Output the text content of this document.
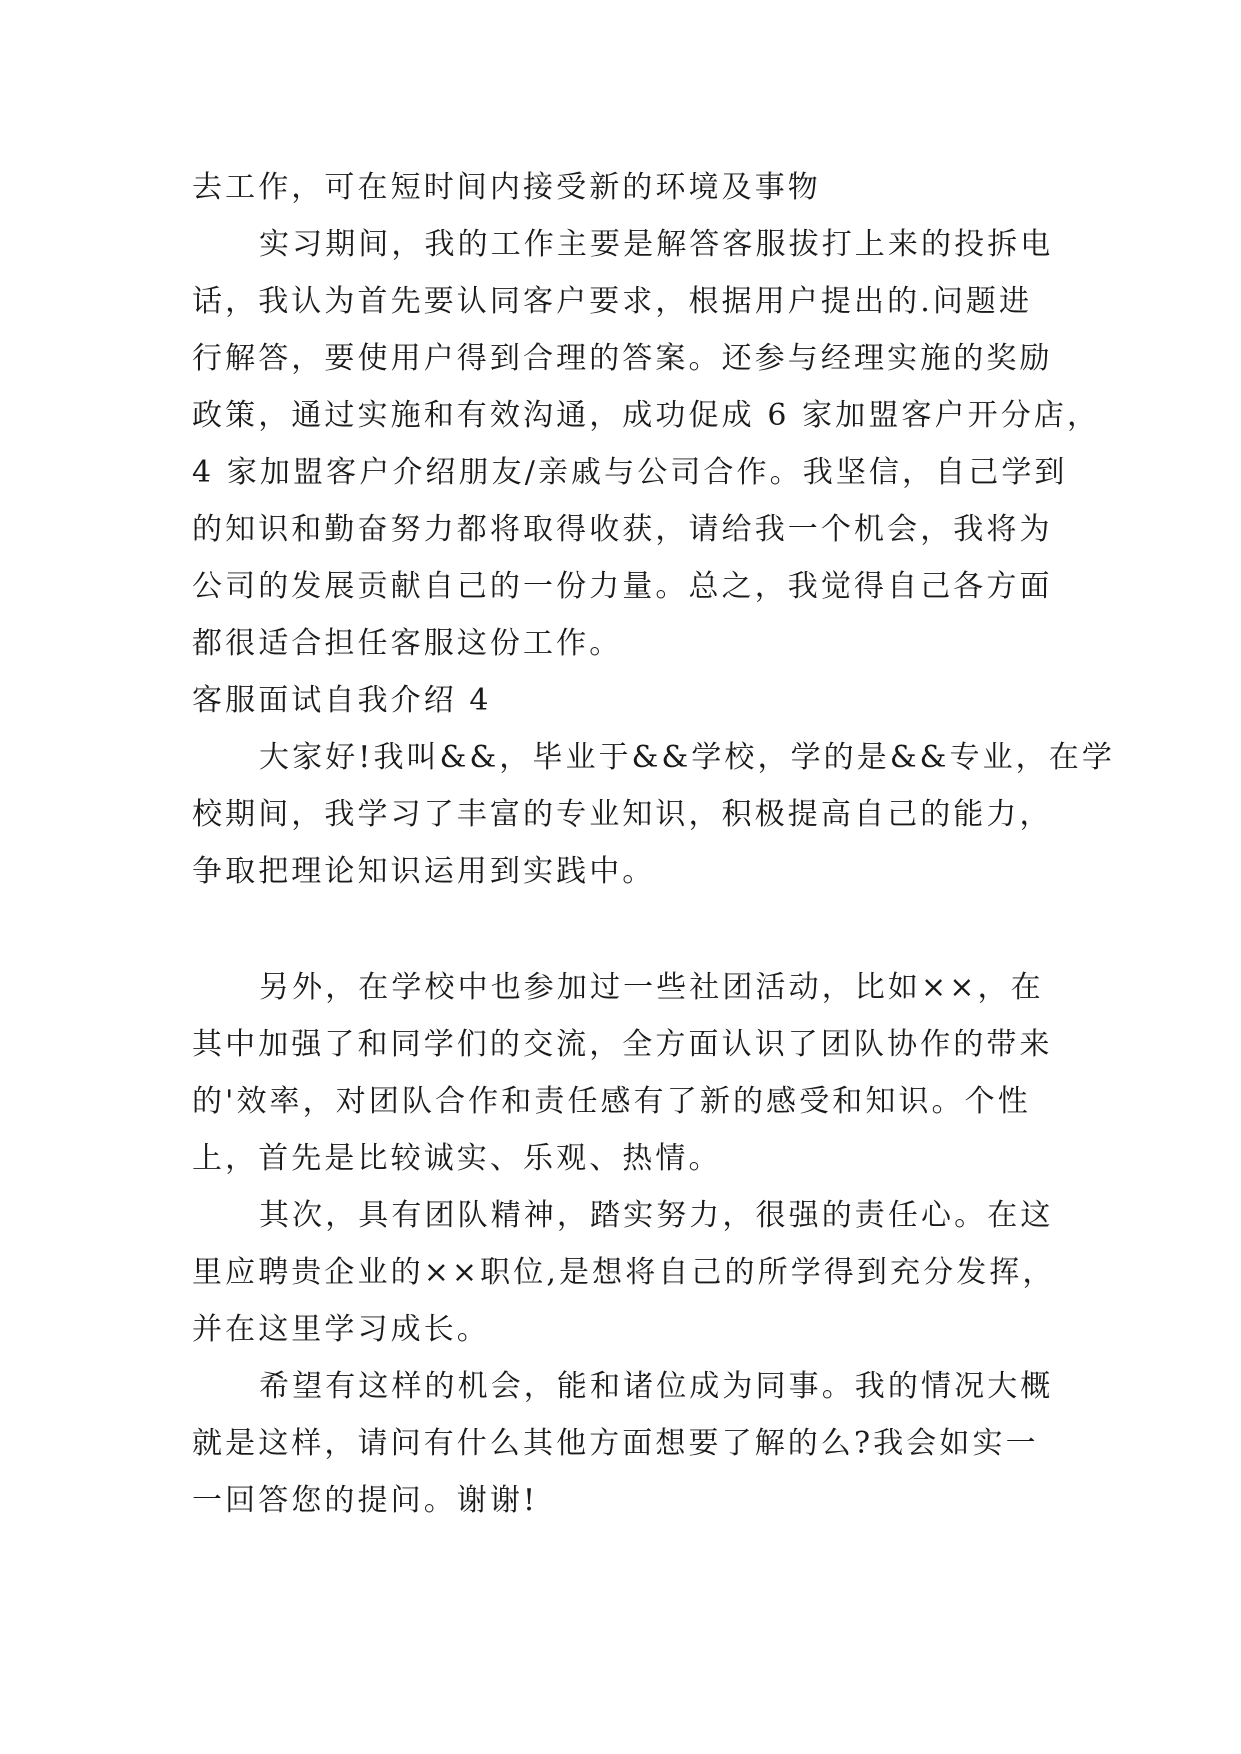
去工作，可在短时间内接受新的环境及事物

实习期间，我的工作主要是解答客服拔打上来的投拆电

话，我认为首先要认同客户要求，根据用户提出的.问题进

行解答，要使用户得到合理的答案。还参与经理实施的奖励

政策，通过实施和有效沟通，成功促成 6 家加盟客户开分店，

4 家加盟客户介绍朋友/亲戚与公司合作。我坚信，自己学到

的知识和勤奋努力都将取得收获，请给我一个机会，我将为

公司的发展贡献自己的一份力量。总之，我觉得自己各方面

都很适合担任客服这份工作。

客服面试自我介绍 4

大家好!我叫&&，毕业于&&学校，学的是&&专业，在学

校期间，我学习了丰富的专业知识，积极提高自己的能力，

争取把理论知识运用到实践中。

另外，在学校中也参加过一些社团活动，比如××，在

其中加强了和同学们的交流，全方面认识了团队协作的带来

的'效率，对团队合作和责任感有了新的感受和知识。个性

上，首先是比较诚实、乐观、热情。

其次，具有团队精神，踏实努力，很强的责任心。在这

里应聘贵企业的××职位,是想将自己的所学得到充分发挥，

并在这里学习成长。

希望有这样的机会，能和诸位成为同事。我的情况大概

就是这样，请问有什么其他方面想要了解的么?我会如实一

一回答您的提问。谢谢!
